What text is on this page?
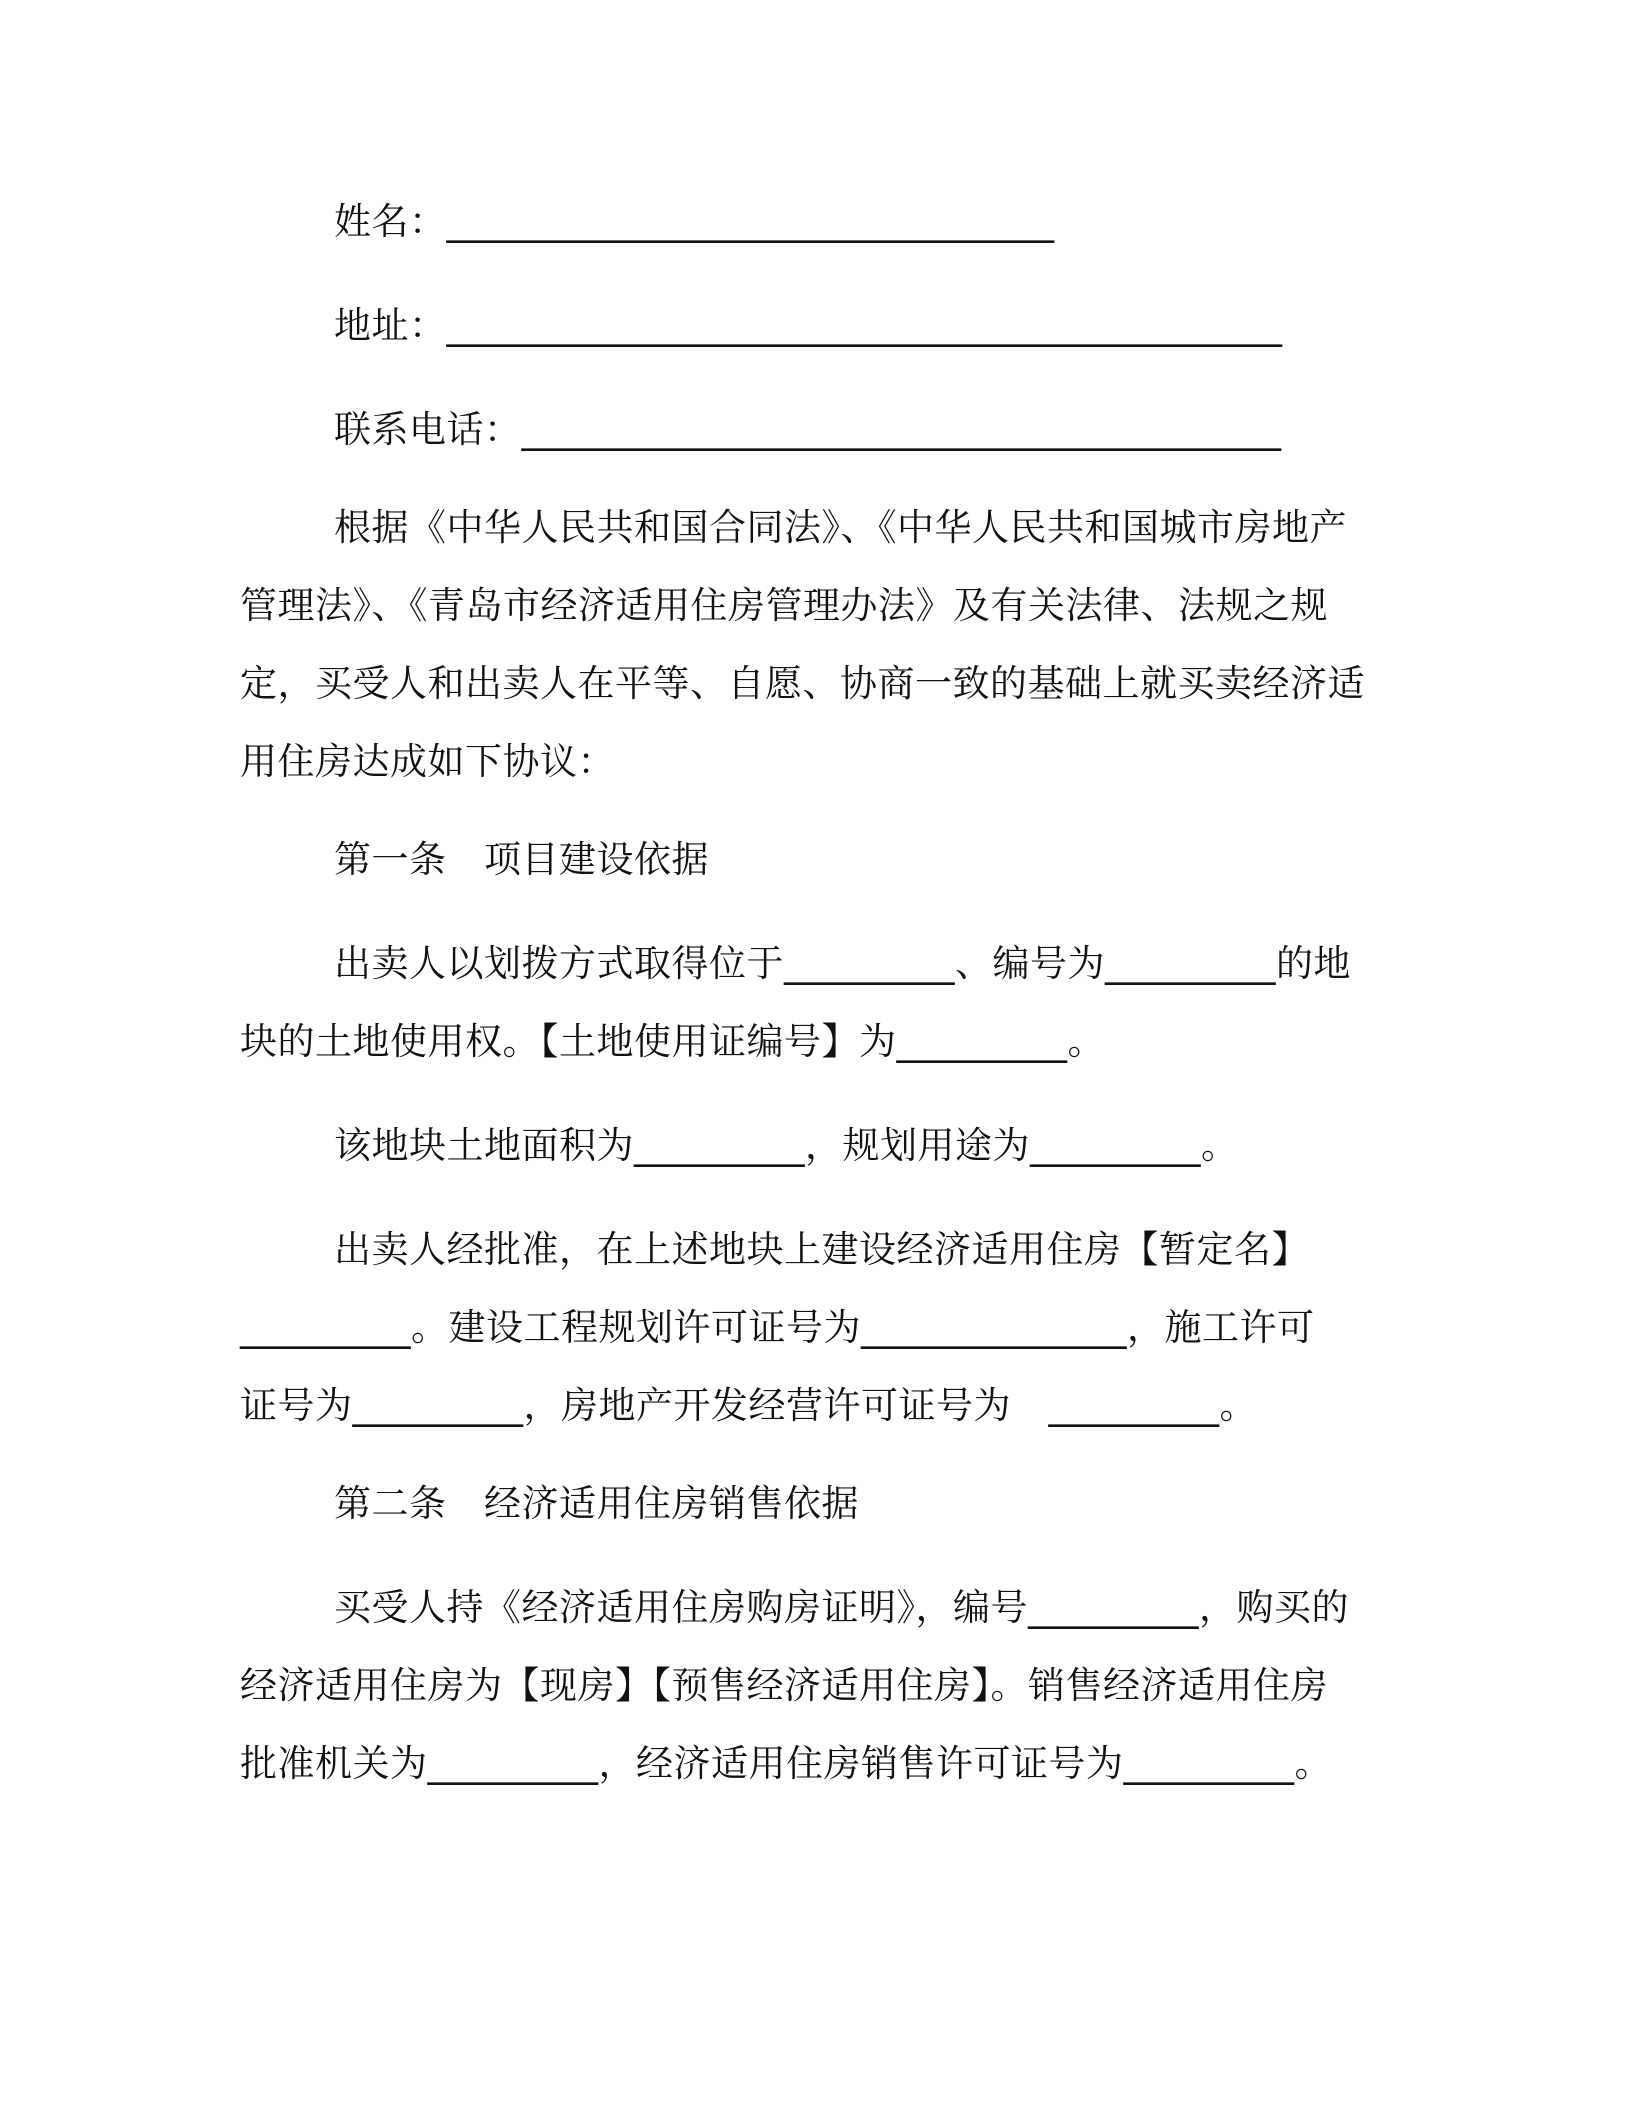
姓名：________________________________
地址：____________________________________________
联系电话：________________________________________
根据《中华人民共和国合同法》、《中华人民共和国城市房地产
管理法》、《青岛市经济适用住房管理办法》及有关法律、法规之规
定，买受人和出卖人在平等、自愿、协商一致的基础上就买卖经济适
用住房达成如下协议：
第一条　项目建设依据
出卖人以划拨方式取得位于_________、编号为_________的地
块的土地使用权。【土地使用证编号】为_________。
该地块土地面积为_________，规划用途为_________。
出卖人经批准，在上述地块上建设经济适用住房【暂定名】
_________。建设工程规划许可证号为______________，施工许可
证号为_________，房地产开发经营许可证号为　_________。
第二条　经济适用住房销售依据
买受人持《经济适用住房购房证明》，编号_________，购买的
经济适用住房为【现房】【预售经济适用住房】。销售经济适用住房
批准机关为_________，经济适用住房销售许可证号为_________。
